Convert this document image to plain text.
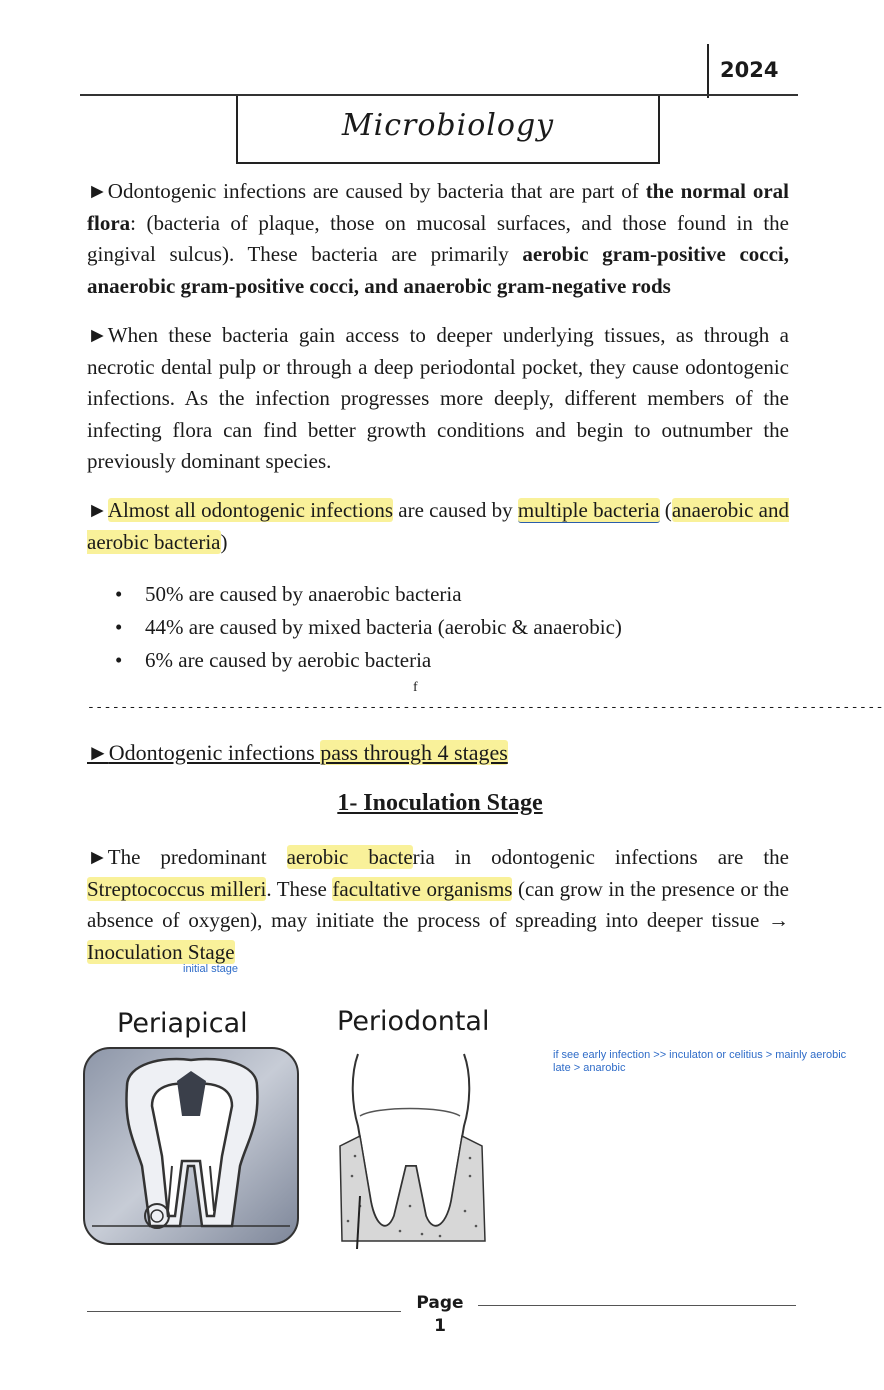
2024
Microbiology
►Odontogenic infections are caused by bacteria that are part of the normal oral flora: (bacteria of plaque, those on mucosal surfaces, and those found in the gingival sulcus). These bacteria are primarily aerobic gram-positive cocci, anaerobic gram-positive cocci, and anaerobic gram-negative rods
►When these bacteria gain access to deeper underlying tissues, as through a necrotic dental pulp or through a deep periodontal pocket, they cause odontogenic infections. As the infection progresses more deeply, different members of the infecting flora can find better growth conditions and begin to outnumber the previously dominant species.
►Almost all odontogenic infections are caused by multiple bacteria (anaerobic and aerobic bacteria)
• 50% are caused by anaerobic bacteria
• 44% are caused by mixed bacteria (aerobic & anaerobic)
• 6% are caused by aerobic bacteria
f
------------------------------------------------------------------------------------------------
►Odontogenic infections pass through 4 stages
1- Inoculation Stage
►The predominant aerobic bacteria in odontogenic infections are the Streptococcus milleri. These facultative organisms (can grow in the presence or the absence of oxygen), may initiate the process of spreading into deeper tissue → Inoculation Stage
initial stage
if see early infection >> inculaton or celitius > mainly aerobic
late > anarobic
Periapical	Periodontal
Page
1
